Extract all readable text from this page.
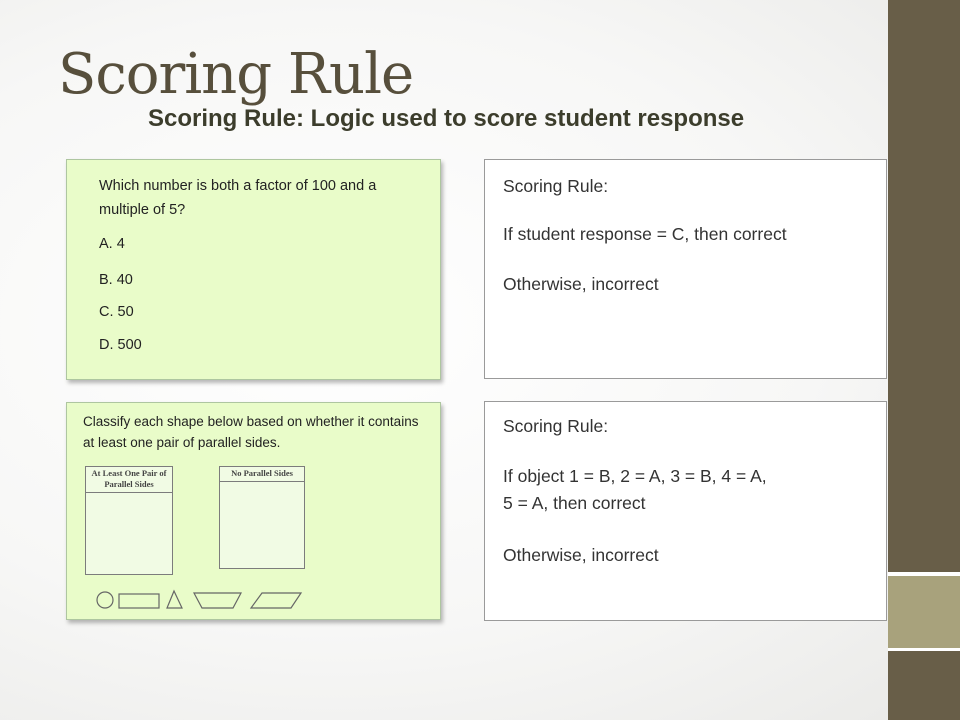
Scoring Rule
Scoring Rule: Logic used to score student response
Which number is both a factor of 100 and a multiple of 5?
A. 4
B. 40
C. 50
D. 500
Classify each shape below based on whether it contains at least one pair of parallel sides.
At Least One Pair of Parallel Sides
No Parallel Sides
Scoring Rule:
If student response = C, then correct
Otherwise, incorrect
Scoring Rule:
If object 1 = B, 2 = A, 3 = B, 4 = A,
5 = A, then correct
Otherwise, incorrect
